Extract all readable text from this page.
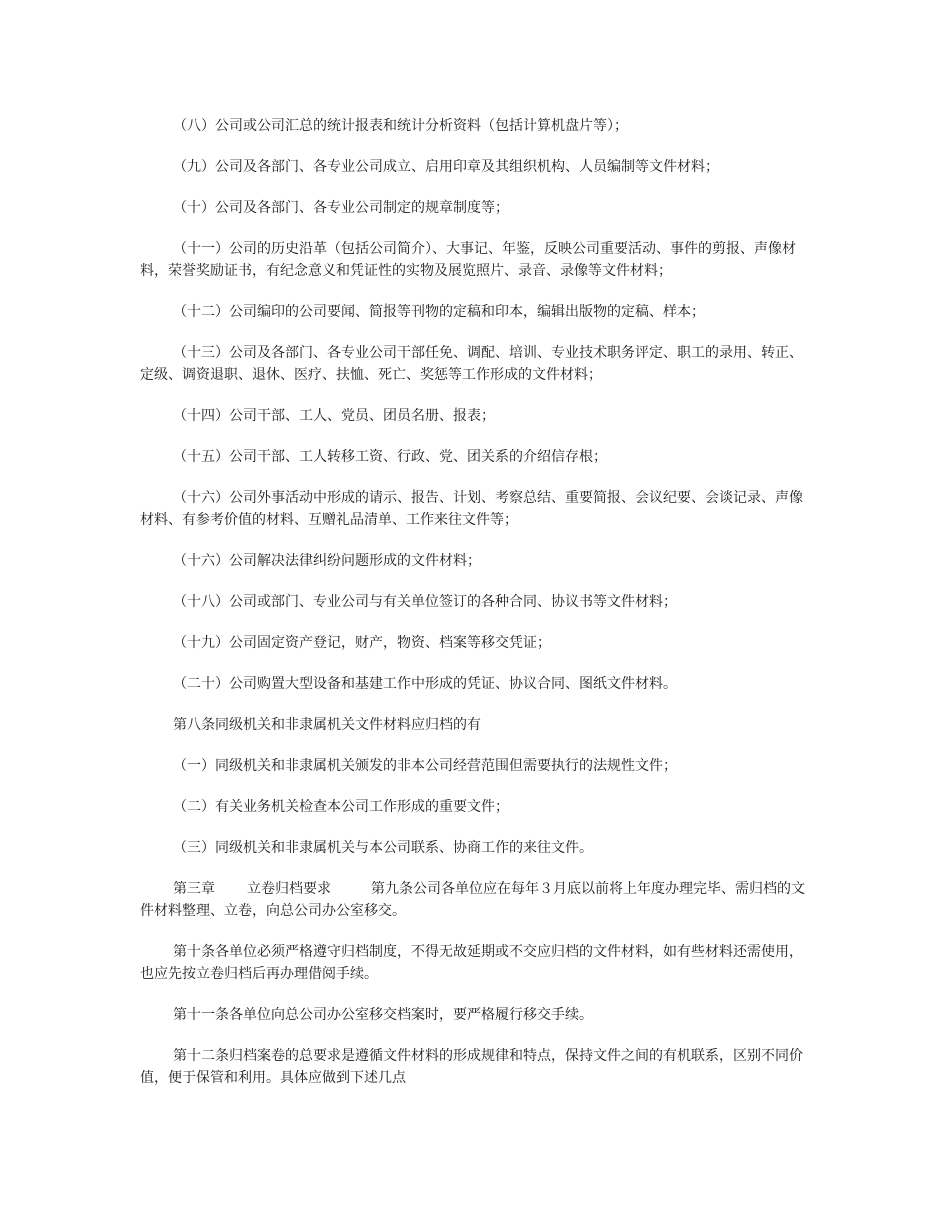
（八）公司或公司汇总的统计报表和统计分析资料（包括计算机盘片等）；

（九）公司及各部门、各专业公司成立、启用印章及其组织机构、人员编制等文件材料；

（十）公司及各部门、各专业公司制定的规章制度等；

（十一）公司的历史沿革（包括公司简介）、大事记、年鉴，反映公司重要活动、事件的剪报、声像材料，荣誉奖励证书，有纪念意义和凭证性的实物及展览照片、录音、录像等文件材料；

（十二）公司编印的公司要闻、简报等刊物的定稿和印本，编辑出版物的定稿、样本；

（十三）公司及各部门、各专业公司干部任免、调配、培训、专业技术职务评定、职工的录用、转正、定级、调资退职、退休、医疗、扶恤、死亡、奖惩等工作形成的文件材料；

（十四）公司干部、工人、党员、团员名册、报表；

（十五）公司干部、工人转移工资、行政、党、团关系的介绍信存根；

（十六）公司外事活动中形成的请示、报告、计划、考察总结、重要简报、会议纪要、会谈记录、声像材料、有参考价值的材料、互赠礼品清单、工作来往文件等；

（十六）公司解决法律纠纷问题形成的文件材料；

（十八）公司或部门、专业公司与有关单位签订的各种合同、协议书等文件材料；

（十九）公司固定资产登记，财产，物资、档案等移交凭证；

（二十）公司购置大型设备和基建工作中形成的凭证、协议合同、图纸文件材料。

第八条同级机关和非隶属机关文件材料应归档的有

（一）同级机关和非隶属机关颁发的非本公司经营范围但需要执行的法规性文件；

（二）有关业务机关检查本公司工作形成的重要文件；

（三）同级机关和非隶属机关与本公司联系、协商工作的来往文件。

第三章 立卷归档要求	第九条公司各单位应在每年３月底以前将上年度办理完毕、需归档的文件材料整理、立卷，向总公司办公室移交。

第十条各单位必须严格遵守归档制度，不得无故延期或不交应归档的文件材料，如有些材料还需使用，也应先按立卷归档后再办理借阅手续。

第十一条各单位向总公司办公室移交档案时，要严格履行移交手续。

第十二条归档案卷的总要求是遵循文件材料的形成规律和特点，保持文件之间的有机联系，区别不同价值，便于保管和利用。具体应做到下述几点
